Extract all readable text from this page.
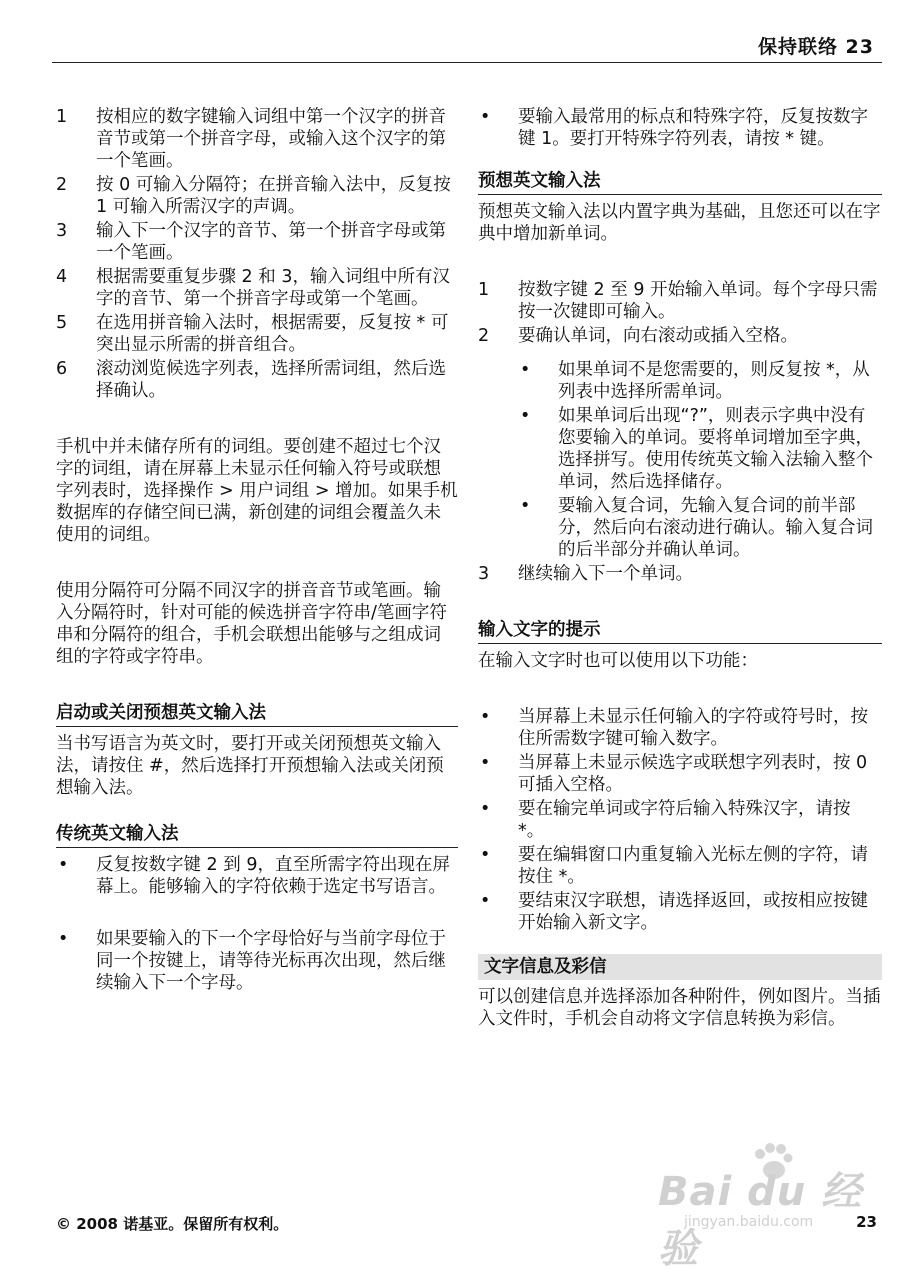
保持联络 23
1 按相应的数字键输入词组中第一个汉字的拼音音节或第一个拼音字母，或输入这个汉字的第一个笔画。
2 按 0 可输入分隔符；在拼音输入法中，反复按 1 可输入所需汉字的声调。
3 输入下一个汉字的音节、第一个拼音字母或第一个笔画。
4 根据需要重复步骤 2 和 3，输入词组中所有汉字的音节、第一个拼音字母或第一个笔画。
5 在选用拼音输入法时，根据需要，反复按 * 可突出显示所需的拼音组合。
6 滚动浏览候选字列表，选择所需词组，然后选择确认。

手机中并未储存所有的词组。要创建不超过七个汉字的词组，请在屏幕上未显示任何输入符号或联想字列表时，选择操作 > 用户词组 > 增加。如果手机数据库的存储空间已满，新创建的词组会覆盖久未使用的词组。

使用分隔符可分隔不同汉字的拼音音节或笔画。输入分隔符时，针对可能的候选拼音字符串/笔画字符串和分隔符的组合，手机会联想出能够与之组成词组的字符或字符串。

启动或关闭预想英文输入法

当书写语言为英文时，要打开或关闭预想英文输入法，请按住 #，然后选择打开预想输入法或关闭预想输入法。

传统英文输入法
• 反复按数字键 2 到 9，直至所需字符出现在屏幕上。能够输入的字符依赖于选定书写语言。
• 如果要输入的下一个字母恰好与当前字母位于同一个按键上，请等待光标再次出现，然后继续输入下一个字母。
• 要输入最常用的标点和特殊字符，反复按数字键 1。要打开特殊字符列表，请按 * 键。
预想英文输入法

预想英文输入法以内置字典为基础，且您还可以在字典中增加新单词。

1 按数字键 2 至 9 开始输入单词。每个字母只需按一次键即可输入。
2 要确认单词，向右滚动或插入空格。
• 如果单词不是您需要的，则反复按 *，从列表中选择所需单词。
• 如果单词后出现“?”，则表示字典中没有您要输入的单词。要将单词增加至字典，选择拼写。使用传统英文输入法输入整个单词，然后选择储存。
• 要输入复合词，先输入复合词的前半部分，然后向右滚动进行确认。输入复合词的后半部分并确认单词。
3 继续输入下一个单词。
输入文字的提示

在输入文字时也可以使用以下功能：

• 当屏幕上未显示任何输入的字符或符号时，按住所需数字键可输入数字。
• 当屏幕上未显示候选字或联想字列表时，按 0 可插入空格。
• 要在输完单词或字符后输入特殊汉字，请按 *。
• 要在编辑窗口内重复输入光标左侧的字符，请按住 *。
• 要结束汉字联想，请选择返回，或按相应按键开始输入新文字。
文字信息及彩信

可以创建信息并选择添加各种附件，例如图片。当插入文件时，手机会自动将文字信息转换为彩信。

Bai du 经验
jingyan.baidu.com
© 2008 诺基亚。保留所有权利。	23
